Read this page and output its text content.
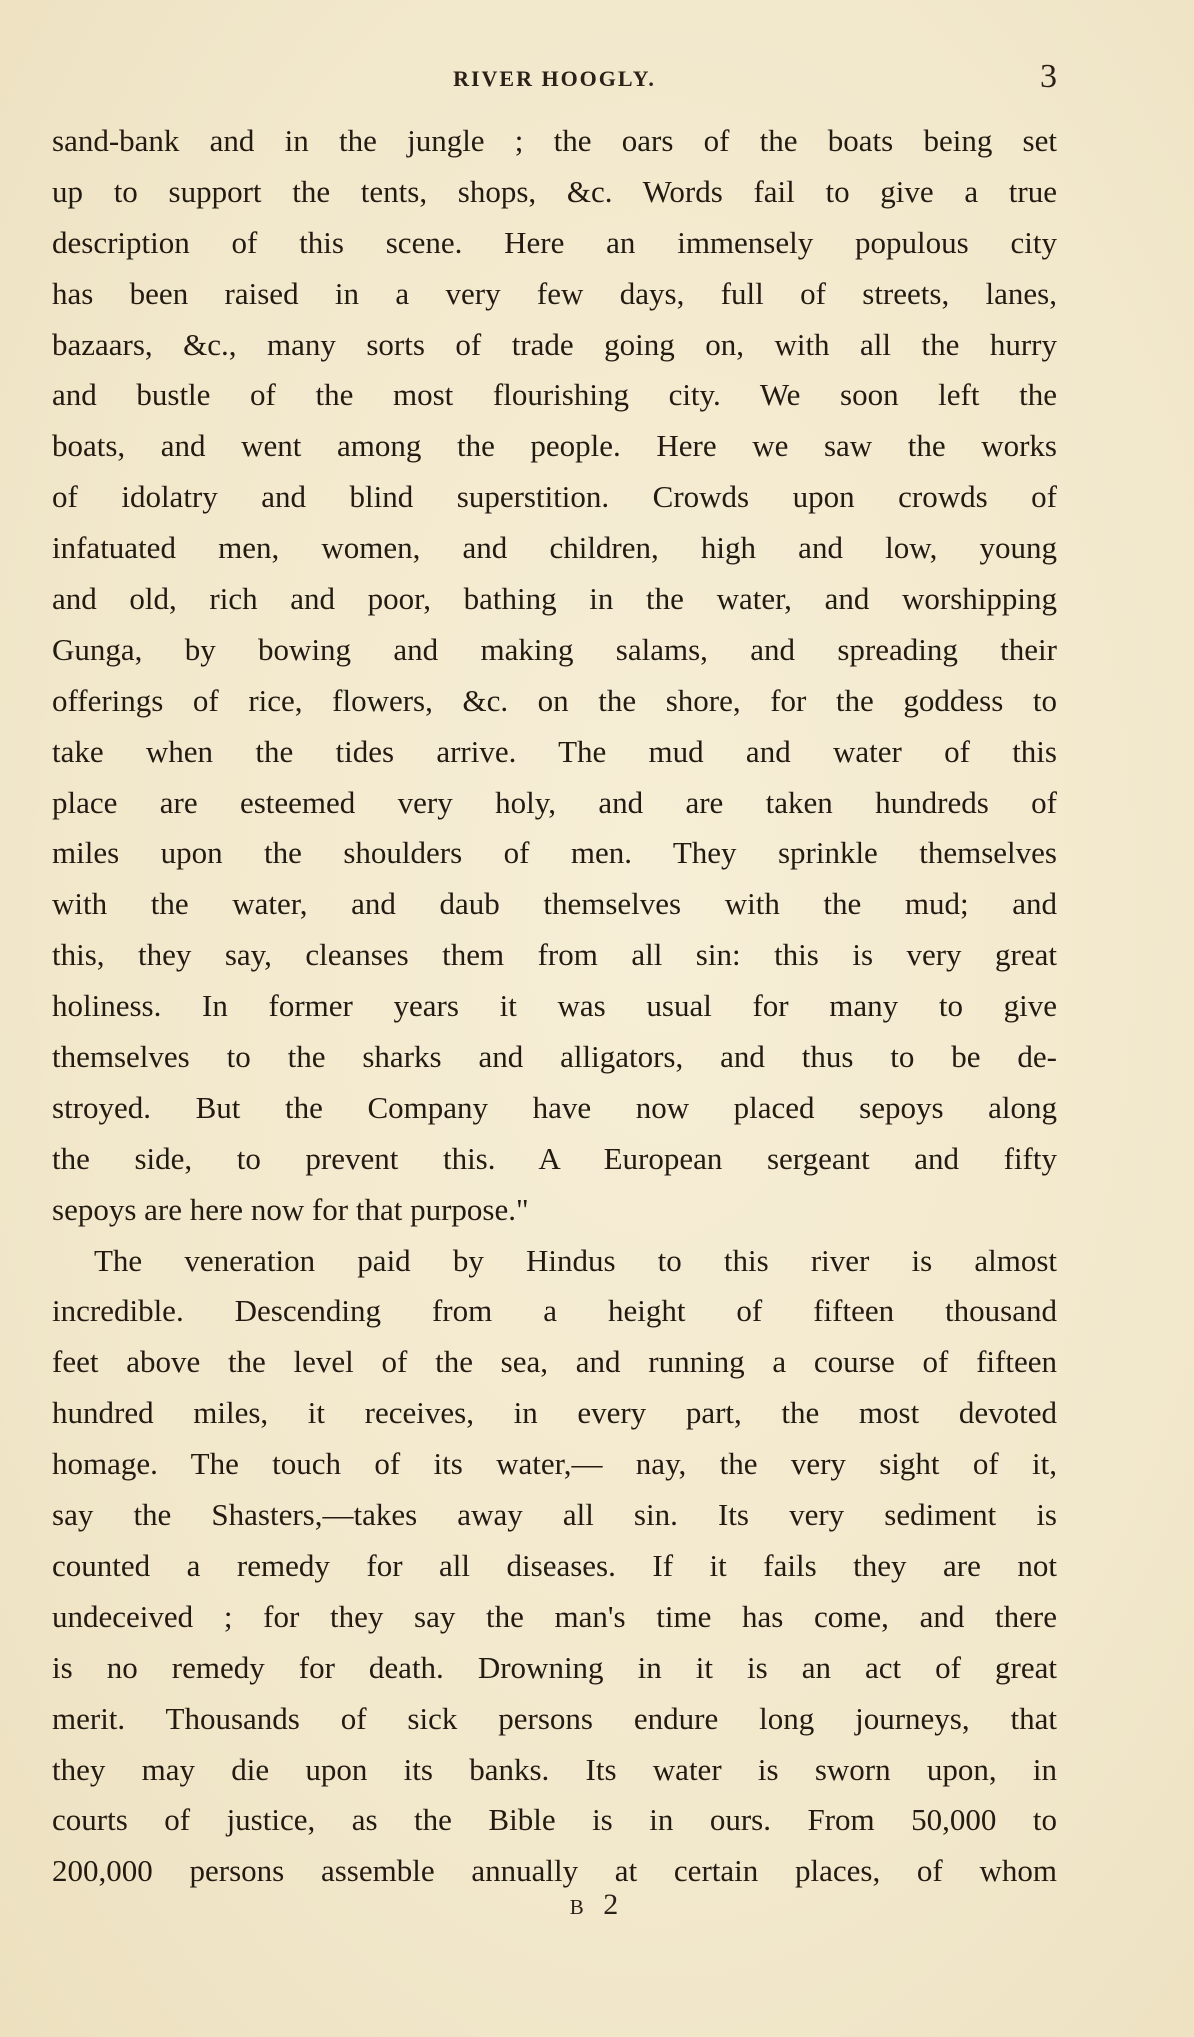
RIVER HOOGLY.	3
sand-bank and in the jungle ; the oars of the boats being set
up to support the tents, shops, &c. Words fail to give a true
description of this scene. Here an immensely populous city
has been raised in a very few days, full of streets, lanes,
bazaars, &c., many sorts of trade going on, with all the hurry
and bustle of the most flourishing city. We soon left the
boats, and went among the people. Here we saw the works
of idolatry and blind superstition. Crowds upon crowds of
infatuated men, women, and children, high and low, young
and old, rich and poor, bathing in the water, and worshipping
Gunga, by bowing and making salams, and spreading their
offerings of rice, flowers, &c. on the shore, for the goddess to
take when the tides arrive. The mud and water of this
place are esteemed very holy, and are taken hundreds of
miles upon the shoulders of men. They sprinkle themselves
with the water, and daub themselves with the mud; and
this, they say, cleanses them from all sin: this is very great
holiness. In former years it was usual for many to give
themselves to the sharks and alligators, and thus to be de-
stroyed. But the Company have now placed sepoys along
the side, to prevent this. A European sergeant and fifty
sepoys are here now for that purpose."
The veneration paid by Hindus to this river is almost
incredible. Descending from a height of fifteen thousand
feet above the level of the sea, and running a course of fifteen
hundred miles, it receives, in every part, the most devoted
homage. The touch of its water,— nay, the very sight of it,
say the Shasters,—takes away all sin. Its very sediment is
counted a remedy for all diseases. If it fails they are not
undeceived ; for they say the man's time has come, and there
is no remedy for death. Drowning in it is an act of great
merit. Thousands of sick persons endure long journeys, that
they may die upon its banks. Its water is sworn upon, in
courts of justice, as the Bible is in ours. From 50,000 to
200,000 persons assemble annually at certain places, of whom
B 2
